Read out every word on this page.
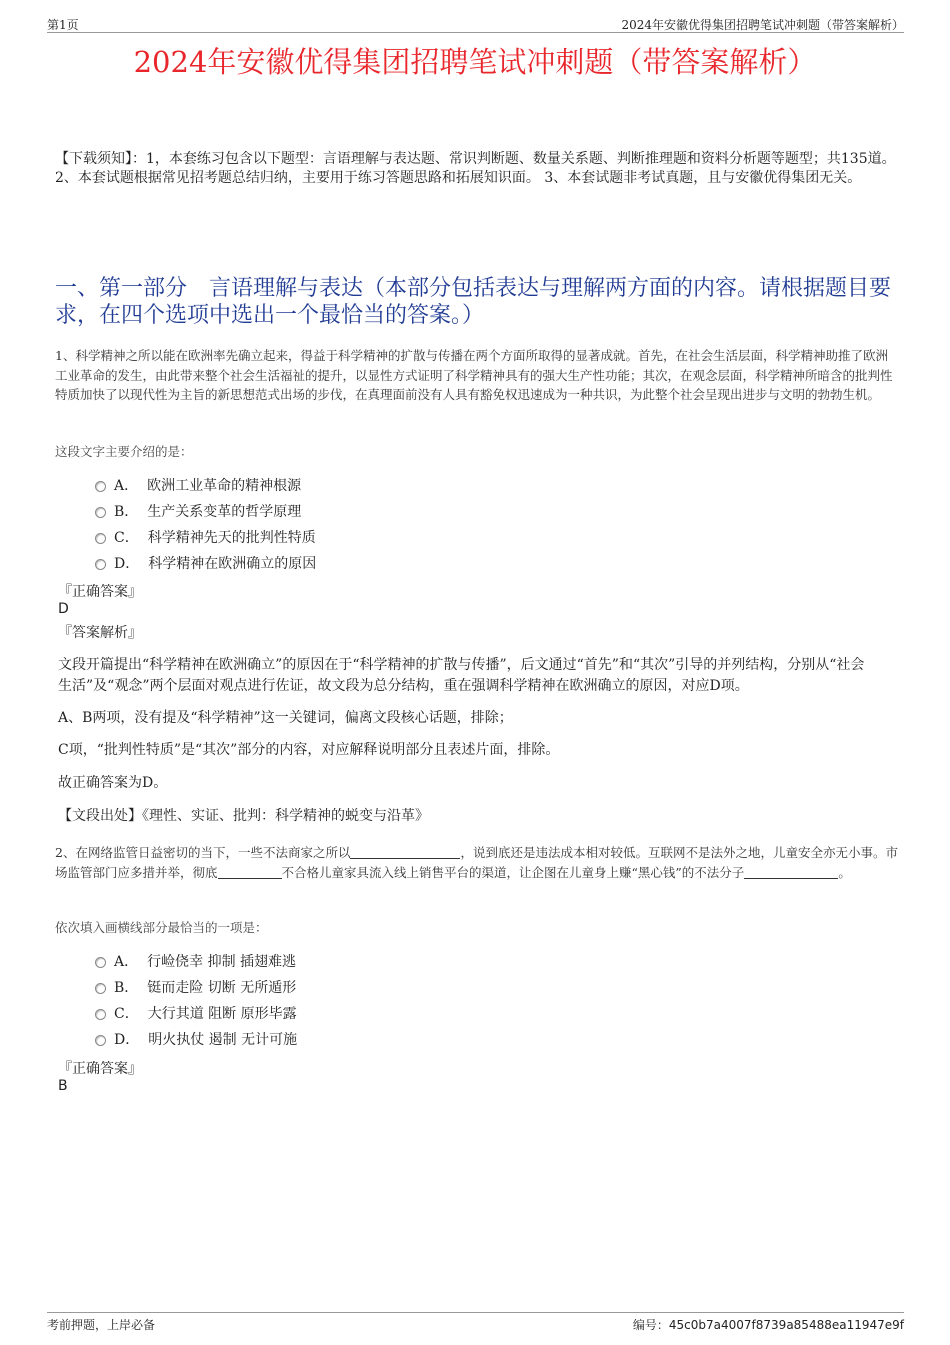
第1页	2024年安徽优得集团招聘笔试冲刺题（带答案解析）
2024年安徽优得集团招聘笔试冲刺题（带答案解析）
【下载须知】：1，本套练习包含以下题型：言语理解与表达题、常识判断题、数量关系题、判断推理题和资料分析题等题型；共135道。 2、本套试题根据常见招考题总结归纳，主要用于练习答题思路和拓展知识面。 3、本套试题非考试真题，且与安徽优得集团无关。
一、第一部分　言语理解与表达（本部分包括表达与理解两方面的内容。请根据题目要求，在四个选项中选出一个最恰当的答案。）
1、科学精神之所以能在欧洲率先确立起来，得益于科学精神的扩散与传播在两个方面所取得的显著成就。首先，在社会生活层面，科学精神助推了欧洲工业革命的发生，由此带来整个社会生活福祉的提升，以显性方式证明了科学精神具有的强大生产性功能；其次，在观念层面，科学精神所暗含的批判性特质加快了以现代性为主旨的新思想范式出场的步伐，在真理面前没有人具有豁免权迅速成为一种共识，为此整个社会呈现出进步与文明的勃勃生机。
这段文字主要介绍的是：
A． 欧洲工业革命的精神根源
B． 生产关系变革的哲学原理
C． 科学精神先天的批判性特质
D． 科学精神在欧洲确立的原因
『正确答案』
D
『答案解析』
文段开篇提出“科学精神在欧洲确立”的原因在于“科学精神的扩散与传播”，后文通过“首先”和“其次”引导的并列结构，分别从“社会生活”及“观念”两个层面对观点进行佐证，故文段为总分结构，重在强调科学精神在欧洲确立的原因，对应D项。
A、B两项，没有提及“科学精神”这一关键词，偏离文段核心话题，排除；
C项，“批判性特质”是“其次”部分的内容，对应解释说明部分且表述片面，排除。
故正确答案为D。
【文段出处】《理性、实证、批判：科学精神的蜕变与沿革》
2、在网络监管日益密切的当下，一些不法商家之所以	，说到底还是违法成本相对较低。互联网不是法外之地，儿童安全亦无小事。市场监管部门应多措并举，彻底	不合格儿童家具流入线上销售平台的渠道，让企图在儿童身上赚“黑心钱”的不法分子	。
依次填入画横线部分最恰当的一项是：
A． 行崄侥幸 抑制 插翅难逃
B． 铤而走险 切断 无所遁形
C． 大行其道 阻断 原形毕露
D． 明火执仗 遏制 无计可施
『正确答案』
B
考前押题，上岸必备	编号：45c0b7a4007f8739a85488ea11947e9f
